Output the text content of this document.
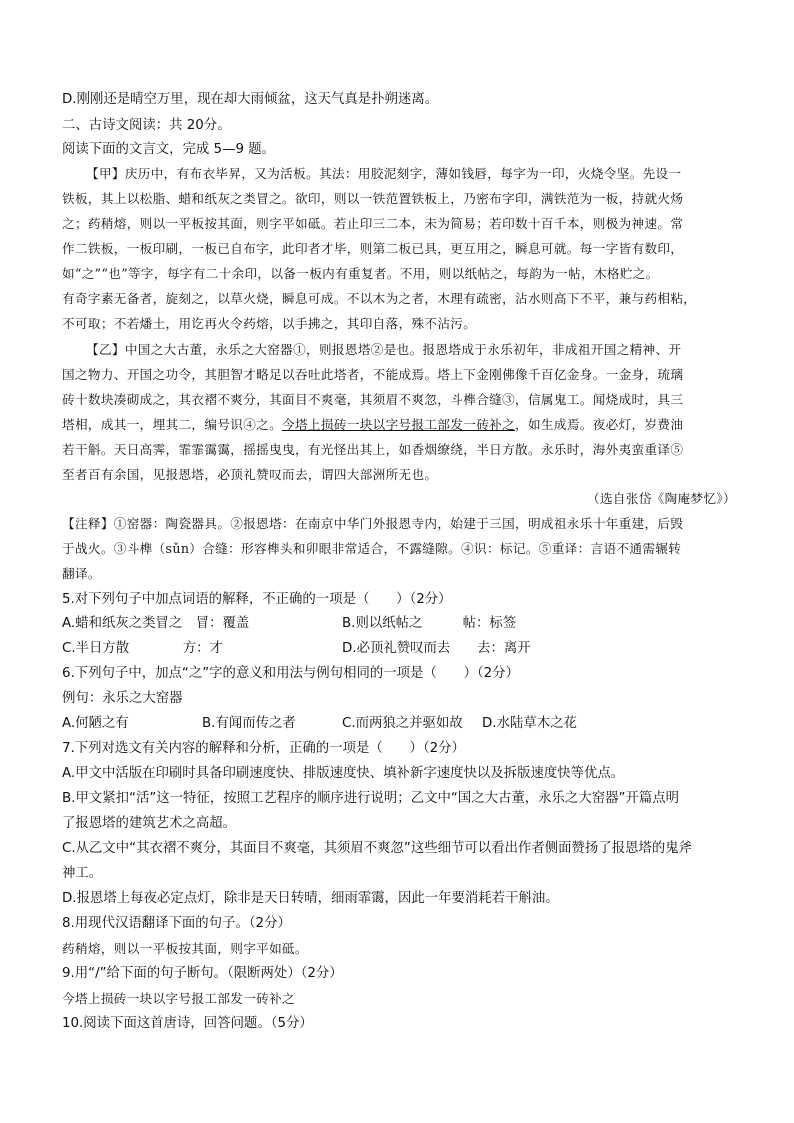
D.刚刚还是晴空万里，现在却大雨倾盆，这天气真是扑朔迷离。
二、古诗文阅读：共 20分。
阅读下面的文言文，完成 5—9 题。
【甲】庆历中，有布衣毕昇，又为活板。其法：用胶泥刻字，薄如钱唇，每字为一印，火烧令坚。先设一
铁板，其上以松脂、蜡和纸灰之类冒之。欲印，则以一铁范置铁板上，乃密布字印，满铁范为一板，持就火炀
之；药稍熔，则以一平板按其面，则字平如砥。若止印三二本，未为简易；若印数十百千本，则极为神速。常
作二铁板，一板印刷，一板已自布字，此印者才毕，则第二板已具，更互用之，瞬息可就。每一字皆有数印，
如“之”“也”等字，每字有二十余印，以备一板内有重复者。不用，则以纸帖之，每韵为一帖，木格贮之。
有奇字素无备者，旋刻之，以草火烧，瞬息可成。不以木为之者，木理有疏密，沾水则高下不平，兼与药相粘，
不可取；不若燔土，用讫再火令药熔，以手拂之，其印自落，殊不沾污。
【乙】中国之大古董，永乐之大窑器①，则报恩塔②是也。报恩塔成于永乐初年，非成祖开国之精神、开
国之物力、开国之功令，其胆智才略足以吞吐此塔者，不能成焉。塔上下金刚佛像千百亿金身。一金身，琉璃
砖十数块凑砌成之，其衣褶不爽分，其面目不爽毫，其须眉不爽忽，斗榫合缝③，信属鬼工。闻烧成时，具三
塔相，成其一，埋其二，编号识④之。今塔上损砖一块以字号报工部发一砖补之，如生成焉。夜必灯，岁费油
若干斛。天日高霁，霏霏霭霭，摇摇曳曳，有光怪出其上，如香烟缭绕，半日方散。永乐时，海外夷蛮重译⑤
至者百有余国，见报恩塔，必顶礼赞叹而去，谓四大部洲所无也。
（选自张岱《陶庵梦忆》）
【注释】①窑器：陶瓷器具。②报恩塔：在南京中华门外报恩寺内，始建于三国，明成祖永乐十年重建，后毁
于战火。③斗榫（sǔn）合缝：形容榫头和卯眼非常适合，不露缝隙。④识：标记。⑤重译：言语不通需辗转
翻译。
5.对下列句子中加点词语的解释，不正确的一项是（　　）（2分）
A.蜡和纸灰之类冒之　冒：覆盖	B.则以纸帖之　　　帖：标签
C.半日方散　　　　方：才	D.必顶礼赞叹而去　　去：离开
6.下列句子中，加点“之”字的意义和用法与例句相同的一项是（　　）（2分）
例句：永乐之大窑器
A.何陋之有	B.有闻而传之者	C.而两狼之并驱如故 D.水陆草木之花
7.下列对选文有关内容的解释和分析，正确的一项是（　　）（2分）
A.甲文中活版在印刷时具备印刷速度快、排版速度快、填补新字速度快以及拆版速度快等优点。
B.甲文紧扣“活”这一特征，按照工艺程序的顺序进行说明；乙文中“国之大古董，永乐之大窑器”开篇点明
了报恩塔的建筑艺术之高超。
C.从乙文中“其衣褶不爽分，其面目不爽毫，其须眉不爽忽”这些细节可以看出作者侧面赞扬了报恩塔的鬼斧
神工。
D.报恩塔上每夜必定点灯，除非是天日转晴，细雨霏霭，因此一年要消耗若干斛油。
8.用现代汉语翻译下面的句子。（2分）
药稍熔，则以一平板按其面，则字平如砥。
9.用“/”给下面的句子断句。（限断两处）（2分）
今塔上损砖一块以字号报工部发一砖补之
10.阅读下面这首唐诗，回答问题。（5分）
